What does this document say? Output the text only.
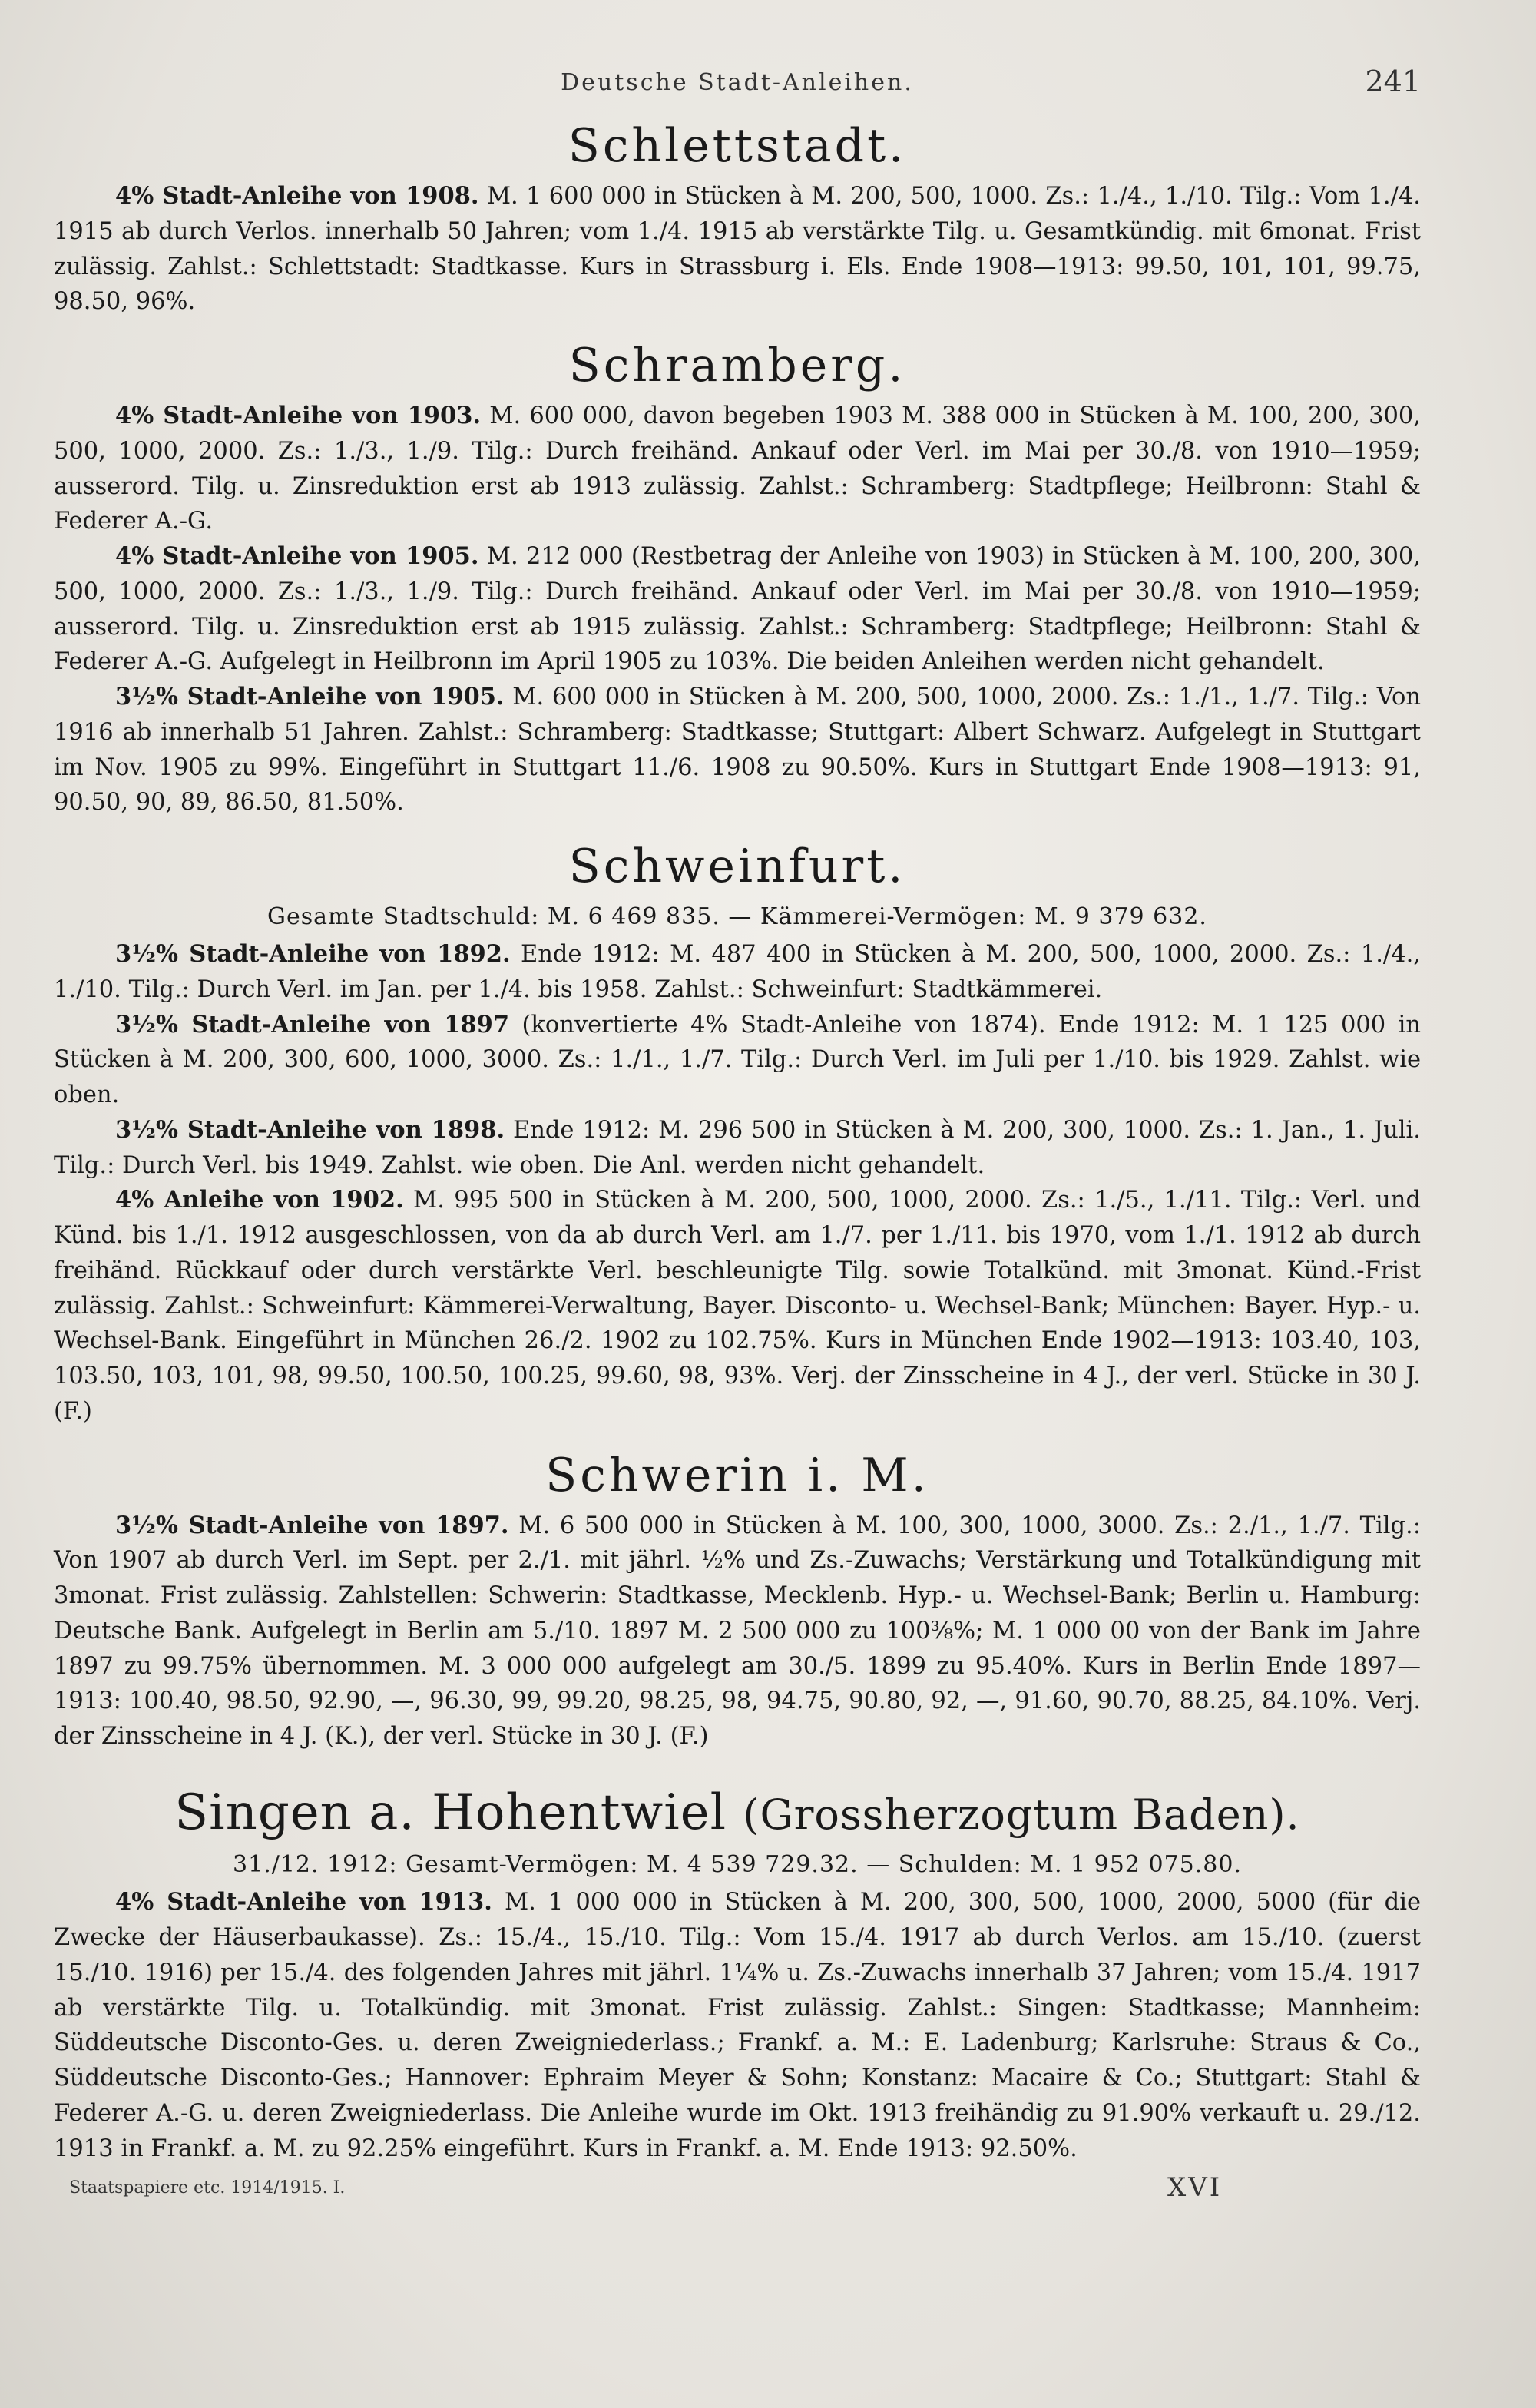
Deutsche Stadt-Anleihen.	241
Schlettstadt.

4% Stadt-Anleihe von 1908. M. 1 600 000 in Stücken à M. 200, 500, 1000. Zs.: 1./4., 1./10. Tilg.: Vom 1./4. 1915 ab durch Verlos. innerhalb 50 Jahren; vom 1./4. 1915 ab verstärkte Tilg. u. Gesamtkündig. mit 6monat. Frist zulässig. Zahlst.: Schlettstadt: Stadtkasse. Kurs in Strassburg i. Els. Ende 1908—1913: 99.50, 101, 101, 99.75, 98.50, 96%.

Schramberg.

4% Stadt-Anleihe von 1903. M. 600 000, davon begeben 1903 M. 388 000 in Stücken à M. 100, 200, 300, 500, 1000, 2000. Zs.: 1./3., 1./9. Tilg.: Durch freihänd. Ankauf oder Verl. im Mai per 30./8. von 1910—1959; ausserord. Tilg. u. Zinsreduktion erst ab 1913 zulässig. Zahlst.: Schramberg: Stadtpflege; Heilbronn: Stahl & Federer A.-G.

4% Stadt-Anleihe von 1905. M. 212 000 (Restbetrag der Anleihe von 1903) in Stücken à M. 100, 200, 300, 500, 1000, 2000. Zs.: 1./3., 1./9. Tilg.: Durch freihänd. Ankauf oder Verl. im Mai per 30./8. von 1910—1959; ausserord. Tilg. u. Zinsreduktion erst ab 1915 zulässig. Zahlst.: Schramberg: Stadtpflege; Heilbronn: Stahl & Federer A.-G. Aufgelegt in Heilbronn im April 1905 zu 103%. Die beiden Anleihen werden nicht gehandelt.

3½% Stadt-Anleihe von 1905. M. 600 000 in Stücken à M. 200, 500, 1000, 2000. Zs.: 1./1., 1./7. Tilg.: Von 1916 ab innerhalb 51 Jahren. Zahlst.: Schramberg: Stadtkasse; Stuttgart: Albert Schwarz. Aufgelegt in Stuttgart im Nov. 1905 zu 99%. Eingeführt in Stuttgart 11./6. 1908 zu 90.50%. Kurs in Stuttgart Ende 1908—1913: 91, 90.50, 90, 89, 86.50, 81.50%.

Schweinfurt.

Gesamte Stadtschuld: M. 6 469 835. — Kämmerei-Vermögen: M. 9 379 632.

3½% Stadt-Anleihe von 1892. Ende 1912: M. 487 400 in Stücken à M. 200, 500, 1000, 2000. Zs.: 1./4., 1./10. Tilg.: Durch Verl. im Jan. per 1./4. bis 1958. Zahlst.: Schweinfurt: Stadtkämmerei.

3½% Stadt-Anleihe von 1897 (konvertierte 4% Stadt-Anleihe von 1874). Ende 1912: M. 1 125 000 in Stücken à M. 200, 300, 600, 1000, 3000. Zs.: 1./1., 1./7. Tilg.: Durch Verl. im Juli per 1./10. bis 1929. Zahlst. wie oben.

3½% Stadt-Anleihe von 1898. Ende 1912: M. 296 500 in Stücken à M. 200, 300, 1000. Zs.: 1. Jan., 1. Juli. Tilg.: Durch Verl. bis 1949. Zahlst. wie oben. Die Anl. werden nicht gehandelt.

4% Anleihe von 1902. M. 995 500 in Stücken à M. 200, 500, 1000, 2000. Zs.: 1./5., 1./11. Tilg.: Verl. und Künd. bis 1./1. 1912 ausgeschlossen, von da ab durch Verl. am 1./7. per 1./11. bis 1970, vom 1./1. 1912 ab durch freihänd. Rückkauf oder durch verstärkte Verl. beschleunigte Tilg. sowie Totalkünd. mit 3monat. Künd.-Frist zulässig. Zahlst.: Schweinfurt: Kämmerei-Verwaltung, Bayer. Disconto- u. Wechsel-Bank; München: Bayer. Hyp.- u. Wechsel-Bank. Eingeführt in München 26./2. 1902 zu 102.75%. Kurs in München Ende 1902—1913: 103.40, 103, 103.50, 103, 101, 98, 99.50, 100.50, 100.25, 99.60, 98, 93%. Verj. der Zinsscheine in 4 J., der verl. Stücke in 30 J. (F.)

Schwerin i. M.

3½% Stadt-Anleihe von 1897. M. 6 500 000 in Stücken à M. 100, 300, 1000, 3000. Zs.: 2./1., 1./7. Tilg.: Von 1907 ab durch Verl. im Sept. per 2./1. mit jährl. ½% und Zs.-Zuwachs; Verstärkung und Totalkündigung mit 3monat. Frist zulässig. Zahlstellen: Schwerin: Stadtkasse, Mecklenb. Hyp.- u. Wechsel-Bank; Berlin u. Hamburg: Deutsche Bank. Aufgelegt in Berlin am 5./10. 1897 M. 2 500 000 zu 100⅜%; M. 1 000 00 von der Bank im Jahre 1897 zu 99.75% übernommen. M. 3 000 000 aufgelegt am 30./5. 1899 zu 95.40%. Kurs in Berlin Ende 1897—1913: 100.40, 98.50, 92.90, —, 96.30, 99, 99.20, 98.25, 98, 94.75, 90.80, 92, —, 91.60, 90.70, 88.25, 84.10%. Verj. der Zinsscheine in 4 J. (K.), der verl. Stücke in 30 J. (F.)

Singen a. Hohentwiel (Grossherzogtum Baden).

31./12. 1912: Gesamt-Vermögen: M. 4 539 729.32. — Schulden: M. 1 952 075.80.

4% Stadt-Anleihe von 1913. M. 1 000 000 in Stücken à M. 200, 300, 500, 1000, 2000, 5000 (für die Zwecke der Häuserbaukasse). Zs.: 15./4., 15./10. Tilg.: Vom 15./4. 1917 ab durch Verlos. am 15./10. (zuerst 15./10. 1916) per 15./4. des folgenden Jahres mit jährl. 1¼% u. Zs.-Zuwachs innerhalb 37 Jahren; vom 15./4. 1917 ab verstärkte Tilg. u. Totalkündig. mit 3monat. Frist zulässig. Zahlst.: Singen: Stadtkasse; Mannheim: Süddeutsche Disconto-Ges. u. deren Zweigniederlass.; Frankf. a. M.: E. Ladenburg; Karlsruhe: Straus & Co., Süddeutsche Disconto-Ges.; Hannover: Ephraim Meyer & Sohn; Konstanz: Macaire & Co.; Stuttgart: Stahl & Federer A.-G. u. deren Zweigniederlass. Die Anleihe wurde im Okt. 1913 freihändig zu 91.90% verkauft u. 29./12. 1913 in Frankf. a. M. zu 92.25% eingeführt. Kurs in Frankf. a. M. Ende 1913: 92.50%.

Staatspapiere etc. 1914/1915. I.	XVI
